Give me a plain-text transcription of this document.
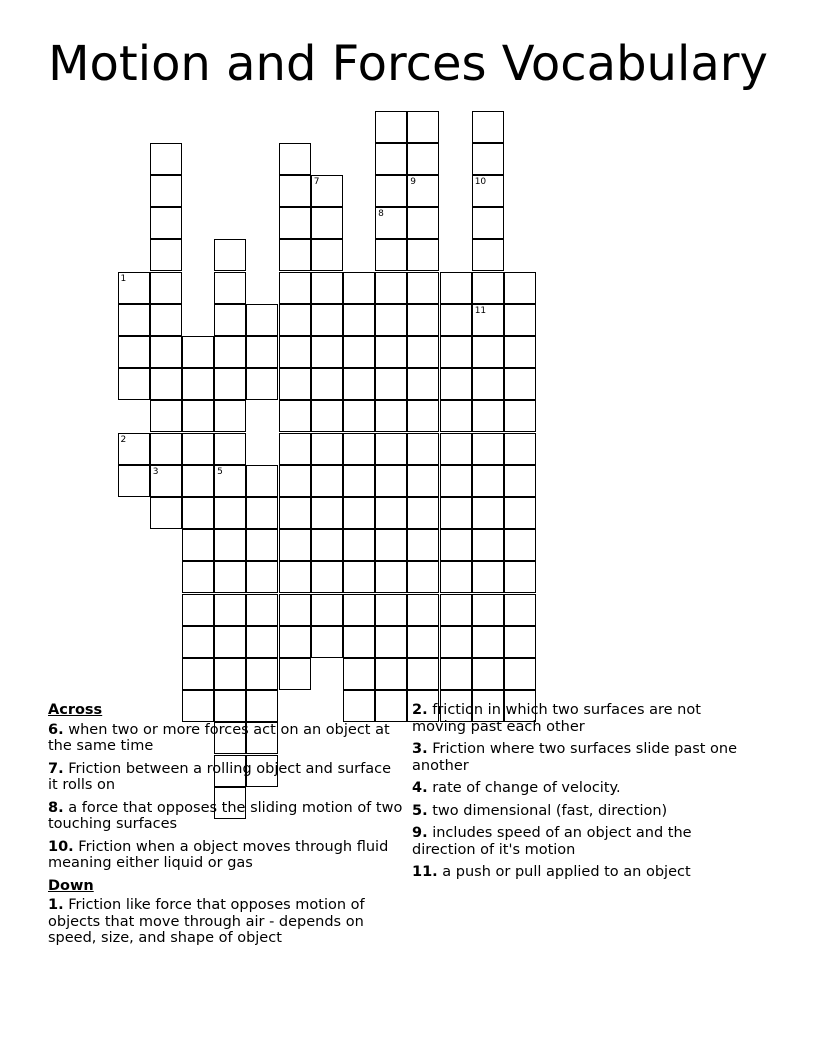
Motion and Forces Vocabulary
1
2
3	5
7
8
9	10
11
Across
6. when two or more forces act on an object at the same time
7. Friction between a rolling object and surface it rolls on
8. a force that opposes the sliding motion of two touching surfaces
10. Friction when a object moves through fluid meaning either liquid or gas
Down
1. Friction like force that opposes motion of objects that move through air - depends on speed, size, and shape of object
2. friction in which two surfaces are not moving past each other
3. Friction where two surfaces slide past one another
4. rate of change of velocity.
5. two dimensional (fast, direction)
9. includes speed of an object and the direction of it's motion
11. a push or pull applied to an object
